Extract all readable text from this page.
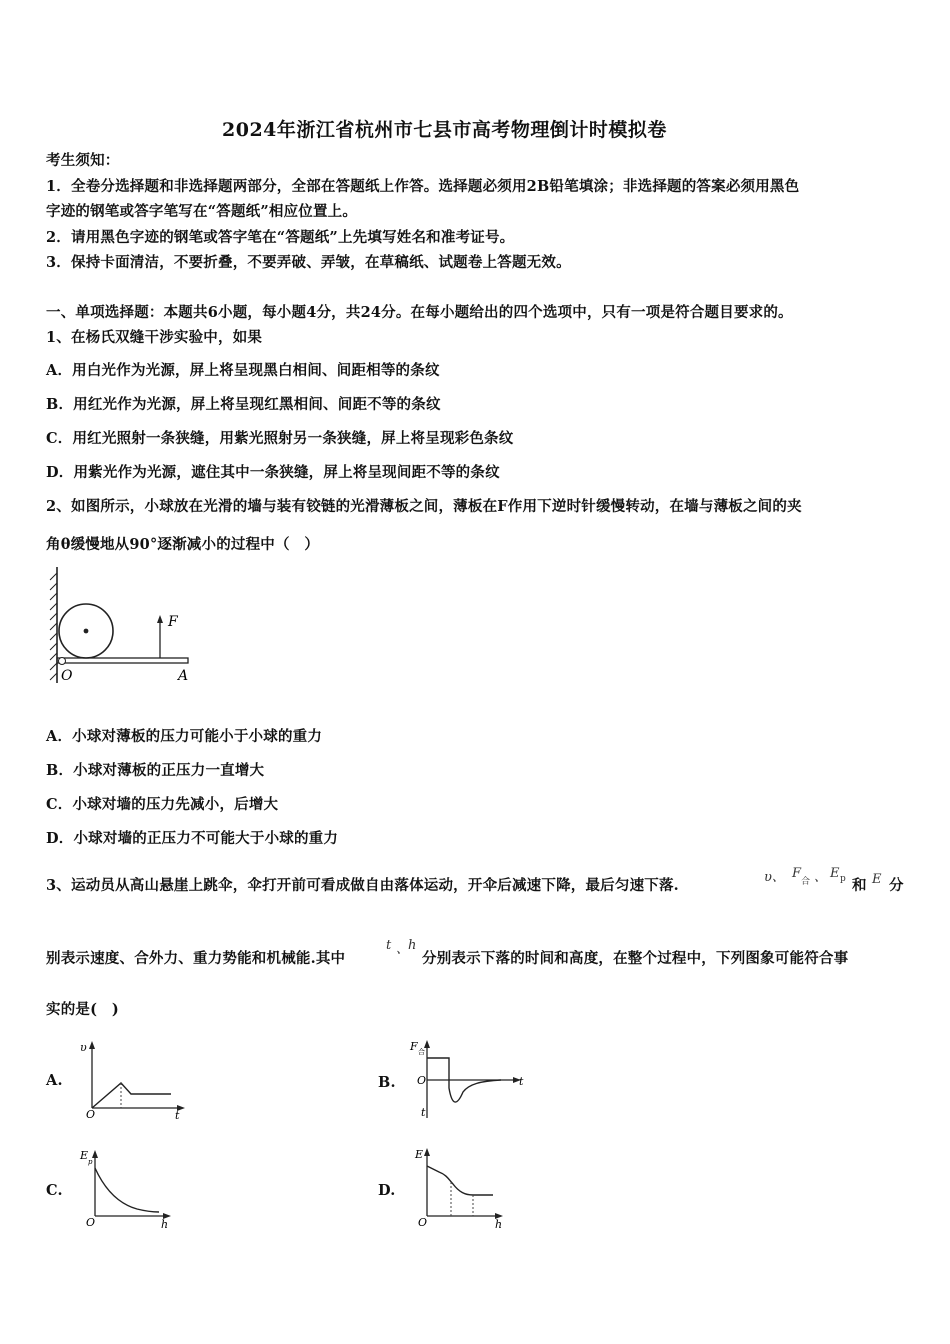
2024年浙江省杭州市七县市高考物理倒计时模拟卷
考生须知：
1．全卷分选择题和非选择题两部分，全部在答题纸上作答。选择题必须用2B铅笔填涂；非选择题的答案必须用黑色
字迹的钢笔或答字笔写在“答题纸”相应位置上。
2．请用黑色字迹的钢笔或答字笔在“答题纸”上先填写姓名和准考证号。
3．保持卡面清洁，不要折叠，不要弄破、弄皱，在草稿纸、试题卷上答题无效。
一、单项选择题：本题共6小题，每小题4分，共24分。在每小题给出的四个选项中，只有一项是符合题目要求的。
1、在杨氏双缝干涉实验中，如果
A．用白光作为光源，屏上将呈现黑白相间、间距相等的条纹
B．用红光作为光源，屏上将呈现红黑相间、间距不等的条纹
C．用红光照射一条狭缝，用紫光照射另一条狭缝，屏上将呈现彩色条纹
D．用紫光作为光源，遮住其中一条狭缝，屏上将呈现间距不等的条纹
2、如图所示，小球放在光滑的墙与装有铰链的光滑薄板之间，薄板在F作用下逆时针缓慢转动，在墙与薄板之间的夹
角θ缓慢地从90°逐渐减小的过程中（　）
F
O	A
A．小球对薄板的压力可能小于小球的重力
B．小球对薄板的正压力一直增大
C．小球对墙的压力先减小，后增大
D．小球对墙的正压力不可能大于小球的重力
3、运动员从高山悬崖上跳伞，伞打开前可看成做自由落体运动，开伞后减速下降，最后匀速下落.	υ、 F
合 、 E p 和 E 分
别表示速度、合外力、重力势能和机械能.其中
t 、
h
分别表示下落的时间和高度，在整个过程中，下列图象可能符合事
实的是(　)
A.	B.
C.	D.
υ
O	t
F 合
O	t
t
E p
O	h
E
O	h
